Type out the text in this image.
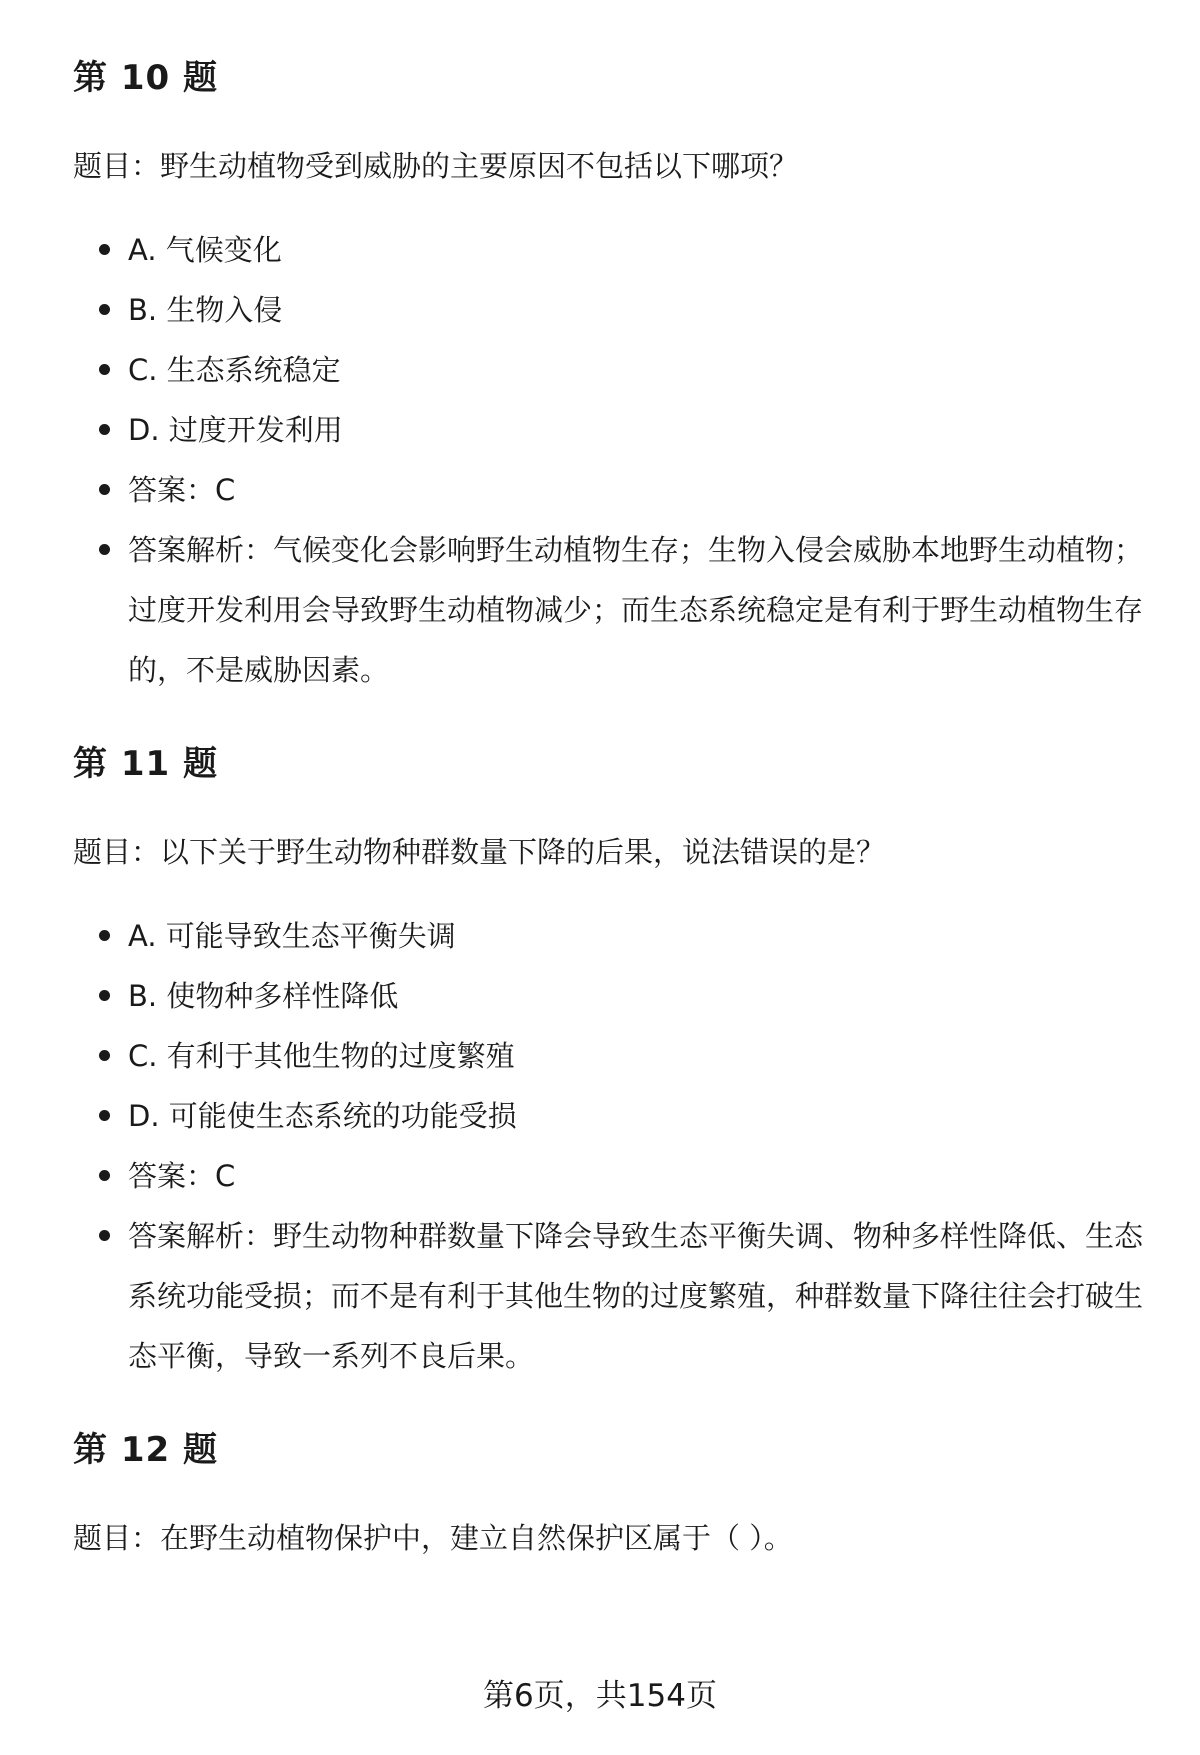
第 10 题

题目：野生动植物受到威胁的主要原因不包括以下哪项？

A. 气候变化
B. 生物入侵
C. 生态系统稳定
D. 过度开发利用
答案：C
答案解析：气候变化会影响野生动植物生存；生物入侵会威胁本地野生动植物；过度开发利用会导致野生动植物减少；而生态系统稳定是有利于野生动植物生存的，不是威胁因素。
第 11 题

题目：以下关于野生动物种群数量下降的后果，说法错误的是？

A. 可能导致生态平衡失调
B. 使物种多样性降低
C. 有利于其他生物的过度繁殖
D. 可能使生态系统的功能受损
答案：C
答案解析：野生动物种群数量下降会导致生态平衡失调、物种多样性降低、生态系统功能受损；而不是有利于其他生物的过度繁殖，种群数量下降往往会打破生态平衡，导致一系列不良后果。
第 12 题

题目：在野生动植物保护中，建立自然保护区属于（ ）。

第6页，共154页
